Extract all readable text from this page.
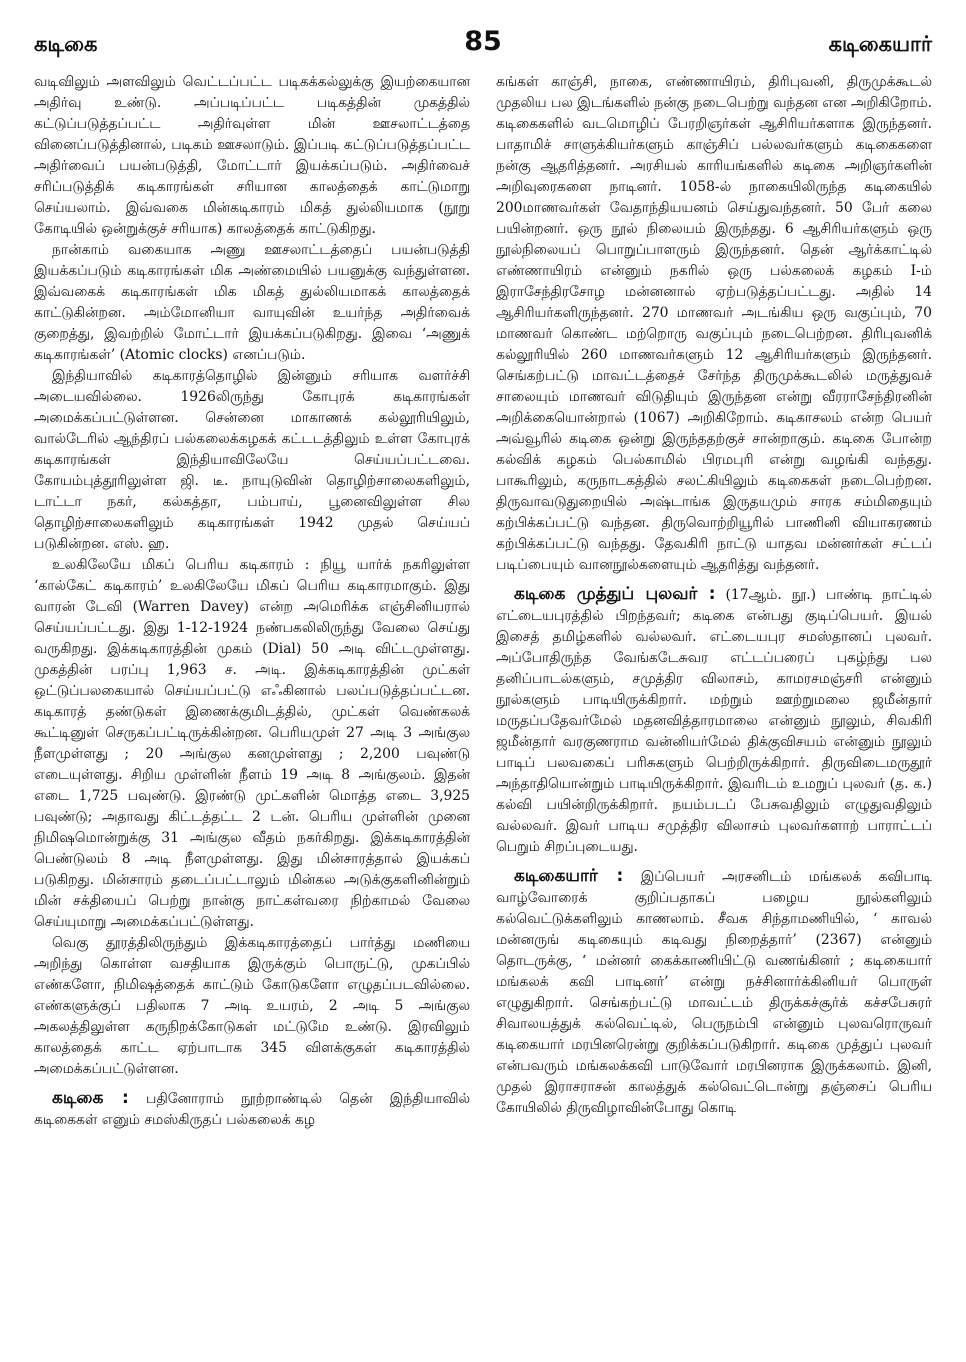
கடிகை	85	கடிகையார்

வடிவிலும் அளவிலும் வெட்டப்பட்ட படிகக்கல்லுக்கு இயற்கையான அதிர்வு உண்டு. அப்படிப்பட்ட படிகத்தின் முகத்தில் கட்டுப்படுத்தப்பட்ட அதிர்வுள்ள மின் ஊசலாட்டத்தை வினைப்படுத்தினால், படிகம் ஊசலாடும். இப்படி கட்டுப்படுத்தப்பட்ட அதிர்வைப் பயன்படுத்தி, மோட்டார் இயக்கப்படும். அதிர்வைச் சரிப்படுத்திக் கடிகாரங்கள் சரியான காலத்தைக் காட்டுமாறு செய்யலாம். இவ்வகை மின்கடிகாரம் மிகத் துல்லியமாக (நூறு கோடியில் ஒன்றுக்குச் சரியாக) காலத்தைக் காட்டுகிறது.

நான்காம் வகையாக அணு ஊசலாட்டத்தைப் பயன்படுத்தி இயக்கப்படும் கடிகாரங்கள் மிக அண்மையில் பயனுக்கு வந்துள்ளன. இவ்வகைக் கடிகாரங்கள் மிக மிகத் துல்லியமாகக் காலத்தைக் காட்டுகின்றன. அம்மோனியா வாயுவின் உயர்ந்த அதிர்வைக் குறைத்து, இவற்றில் மோட்டார் இயக்கப்படுகிறது. இவை ‘அணுக் கடிகாரங்கள்’ (Atomic clocks) எனப்படும்.

இந்தியாவில் கடிகாரத்தொழில் இன்னும் சரியாக வளர்ச்சி அடையவில்லை. 1926லிருந்து கோபுரக் கடிகாரங்கள் அமைக்கப்பட்டுள்ளன. சென்னை மாகாணக் கல்லூரியிலும், வால்டேரில் ஆந்திரப் பல்கலைக்கழகக் கட்டடத்திலும் உள்ள கோபுரக் கடிகாரங்கள் இந்தியாவிலேயே செய்யப்பட்டவை. கோயம்புத்தூரிலுள்ள ஜி. டீ. நாயுடுவின் தொழிற்சாலைகளிலும், டாட்டா நகர், கல்கத்தா, பம்பாய், பூனைவிலுள்ள சில தொழிற்சாலைகளிலும் கடிகாரங்கள் 1942 முதல் செய்யப் படுகின்றன. எஸ். ஹ.

உலகிலேயே மிகப் பெரிய கடிகாரம் : நியூ யார்க் நகரிலுள்ள ‘கால்கேட் கடிகாரம்’ உலகிலேயே மிகப் பெரிய கடிகாரமாகும். இது வாரன் டேவி (Warren Davey) என்ற அமெரிக்க எஞ்சினியரால் செய்யப்பட்டது. இது 1-12-1924 நண்பகலிலிருந்து வேலை செய்து வருகிறது. இக்கடிகாரத்தின் முகம் (Dial) 50 அடி விட்டமுள்ளது. முகத்தின் பரப்பு 1,963 ச. அடி. இக்கடிகாரத்தின் முட்கள் ஒட்டுப்பலகையால் செய்யப்பட்டு எஃகினால் பலப்படுத்தப்பட்டன. கடிகாரத் தண்டுகள் இணைக்குமிடத்தில், முட்கள் வெண்கலக் கூட்டினுள் செருகப்பட்டிருக்கின்றன. பெரியமுள் 27 அடி 3 அங்குல நீளமுள்ளது ; 20 அங்குல கனமுள்ளது ; 2,200 பவுண்டு எடையுள்ளது. சிறிய முள்ளின் நீளம் 19 அடி 8 அங்குலம். இதன் எடை 1,725 பவுண்டு. இரண்டு முட்களின் மொத்த எடை 3,925 பவுண்டு; அதாவது கிட்டத்தட்ட 2 டன். பெரிய முள்ளின் முனை நிமிஷமொன்றுக்கு 31 அங்குல வீதம் நகர்கிறது. இக்கடிகாரத்தின் பெண்டுலம் 8 அடி நீளமுள்ளது. இது மின்சாரத்தால் இயக்கப் படுகிறது. மின்சாரம் தடைப்பட்டாலும் மின்கல அடுக்குகளினின்றும் மின் சக்தியைப் பெற்று நான்கு நாட்கள்வரை நிற்காமல் வேலை செய்யுமாறு அமைக்கப்பட்டுள்ளது.

வெகு தூரத்திலிருந்தும் இக்கடிகாரத்தைப் பார்த்து மணியை அறிந்து கொள்ள வசதியாக இருக்கும் பொருட்டு, முகப்பில் எண்களோ, நிமிஷத்தைக் காட்டும் கோடுகளோ எழுதப்படவில்லை. எண்களுக்குப் பதிலாக 7 அடி உயரம், 2 அடி 5 அங்குல அகலத்திலுள்ள கருநிறக்கோடுகள் மட்டுமே உண்டு. இரவிலும் காலத்தைக் காட்ட ஏற்பாடாக 345 விளக்குகள் கடிகாரத்தில் அமைக்கப்பட்டுள்ளன.

கடிகை : பதினோராம் நூற்றாண்டில் தென் இந்தியாவில் கடிகைகள் எனும் சமஸ்கிருதப் பல்கலைக் கழ

கங்கள் காஞ்சி, நாகை, எண்ணாயிரம், திரிபுவனி, திருமுக்கூடல் முதலிய பல இடங்களில் நன்கு நடைபெற்று வந்தன என அறிகிறோம். கடிகைகளில் வடமொழிப் பேரறிஞர்கள் ஆசிரியர்களாக இருந்தனர். பாதாமிச் சாளுக்கியர்களும் காஞ்சிப் பல்லவர்களும் கடிகைகளை நன்கு ஆதரித்தனர். அரசியல் காரியங்களில் கடிகை அறிஞர்களின் அறிவுரைகளை நாடினர். 1058-ல் நாகையிலிருந்த கடிகையில் 200மாணவர்கள் வேதாந்தியயனம் செய்துவந்தனர். 50 பேர் கலை பயின்றனர். ஒரு நூல் நிலையம் இருந்தது. 6 ஆசிரியர்களும் ஒரு நூல்நிலையப் பொறுப்பாளரும் இருந்தனர். தென் ஆர்க்காட்டில் எண்ணாயிரம் என்னும் நகரில் ஒரு பல்கலைக் கழகம் I-ம் இராசேந்திரசோழ மன்னனால் ஏற்படுத்தப்பட்டது. அதில் 14 ஆசிரியர்களிருந்தனர். 270 மாணவர் அடங்கிய ஒரு வகுப்பும், 70 மாணவர் கொண்ட மற்றொரு வகுப்பும் நடைபெற்றன. திரிபுவனிக் கல்லூரியில் 260 மாணவர்களும் 12 ஆசிரியர்களும் இருந்தனர். செங்கற்பட்டு மாவட்டத்தைச் சேர்ந்த திருமுக்கூடலில் மருத்துவச் சாலையும் மாணவர் விடுதியும் இருந்தன என்று வீரராசேந்திரனின் அறிக்கையொன்றால் (1067) அறிகிறோம். கடிகாசலம் என்ற பெயர் அவ்வூரில் கடிகை ஒன்று இருந்ததற்குச் சான்றாகும். கடிகை போன்ற கல்விக் கழகம் பெல்காமில் பிரமபுரி என்று வழங்கி வந்தது. பாகூரிலும், கருநாடகத்தில் சலட்கியிலும் கடிகைகள் நடைபெற்றன. திருவாவடுதுறையில் அஷ்டாங்க இருதயமும் சாரக சம்மிதையும் கற்பிக்கப்பட்டு வந்தன. திருவொற்றியூரில் பாணினி வியாகரணம் கற்பிக்கப்பட்டு வந்தது. தேவகிரி நாட்டு யாதவ மன்னர்கள் சட்டப் படிப்பையும் வானநூல்களையும் ஆதரித்து வந்தனர்.

கடிகை முத்துப் புலவர் : (17ஆம். நூ.) பாண்டி நாட்டில் எட்டையபுரத்தில் பிறந்தவர்; கடிகை என்பது குடிப்பெயர். இயல் இசைத் தமிழ்களில் வல்லவர். எட்டையபுர சமஸ்தானப் புலவர். அப்போதிருந்த வேங்கடேசுவர எட்டப்பரைப் புகழ்ந்து பல தனிப்பாடல்களும், சமுத்திர விலாசம், காமரசமஞ்சரி என்னும் நூல்களும் பாடியிருக்கிறார். மற்றும் ஊற்றுமலை ஜமீன்தார் மருதப்பதேவர்மேல் மதனவித்தாரமாலை என்னும் நூலும், சிவகிரி ஜமீன்தார் வரகுணராம வன்னியர்மேல் திக்குவிசயம் என்னும் நூலும் பாடிப் பலவகைப் பரிசுகளும் பெற்றிருக்கிறார். திருவிடைமருதூர் அந்தாதியொன்றும் பாடியிருக்கிறார். இவரிடம் உமறுப் புலவர் (த. க.) கல்வி பயின்றிருக்கிறார். நயம்படப் பேசுவதிலும் எழுதுவதிலும் வல்லவர். இவர் பாடிய சமுத்திர விலாசம் புலவர்களாற் பாராட்டப் பெறும் சிறப்புடையது.

கடிகையார் : இப்பெயர் அரசனிடம் மங்கலக் கவிபாடி வாழ்வோரைக் குறிப்பதாகப் பழைய நூல்களிலும் கல்வெட்டுக்களிலும் காணலாம். சீவக சிந்தாமணியில், ‘ காவல் மன்னருங் கடிகையும் கடிவது நிறைத்தார்’ (2367) என்னும் தொடருக்கு, ‘ மன்னர் கைக்காணியிட்டு வணங்கினர் ; கடிகையார் மங்கலக் கவி பாடினர்’ என்று நச்சினார்க்கினியர் பொருள் எழுதுகிறார். செங்கற்பட்டு மாவட்டம் திருக்கச்சூர்க் கச்சபேசுரர் சிவாலயத்துக் கல்வெட்டில், பெருநம்பி என்னும் புலவரொருவர் கடிகையார் மரபினரென்று குறிக்கப்படுகிறார். கடிகை முத்துப் புலவர் என்பவரும் மங்கலக்கவி பாடுவோர் மரபினராக இருக்கலாம். இனி, முதல் இராசராசன் காலத்துக் கல்வெட்டொன்று தஞ்சைப் பெரிய கோயிலில் திருவிழாவின்போது கொடி
